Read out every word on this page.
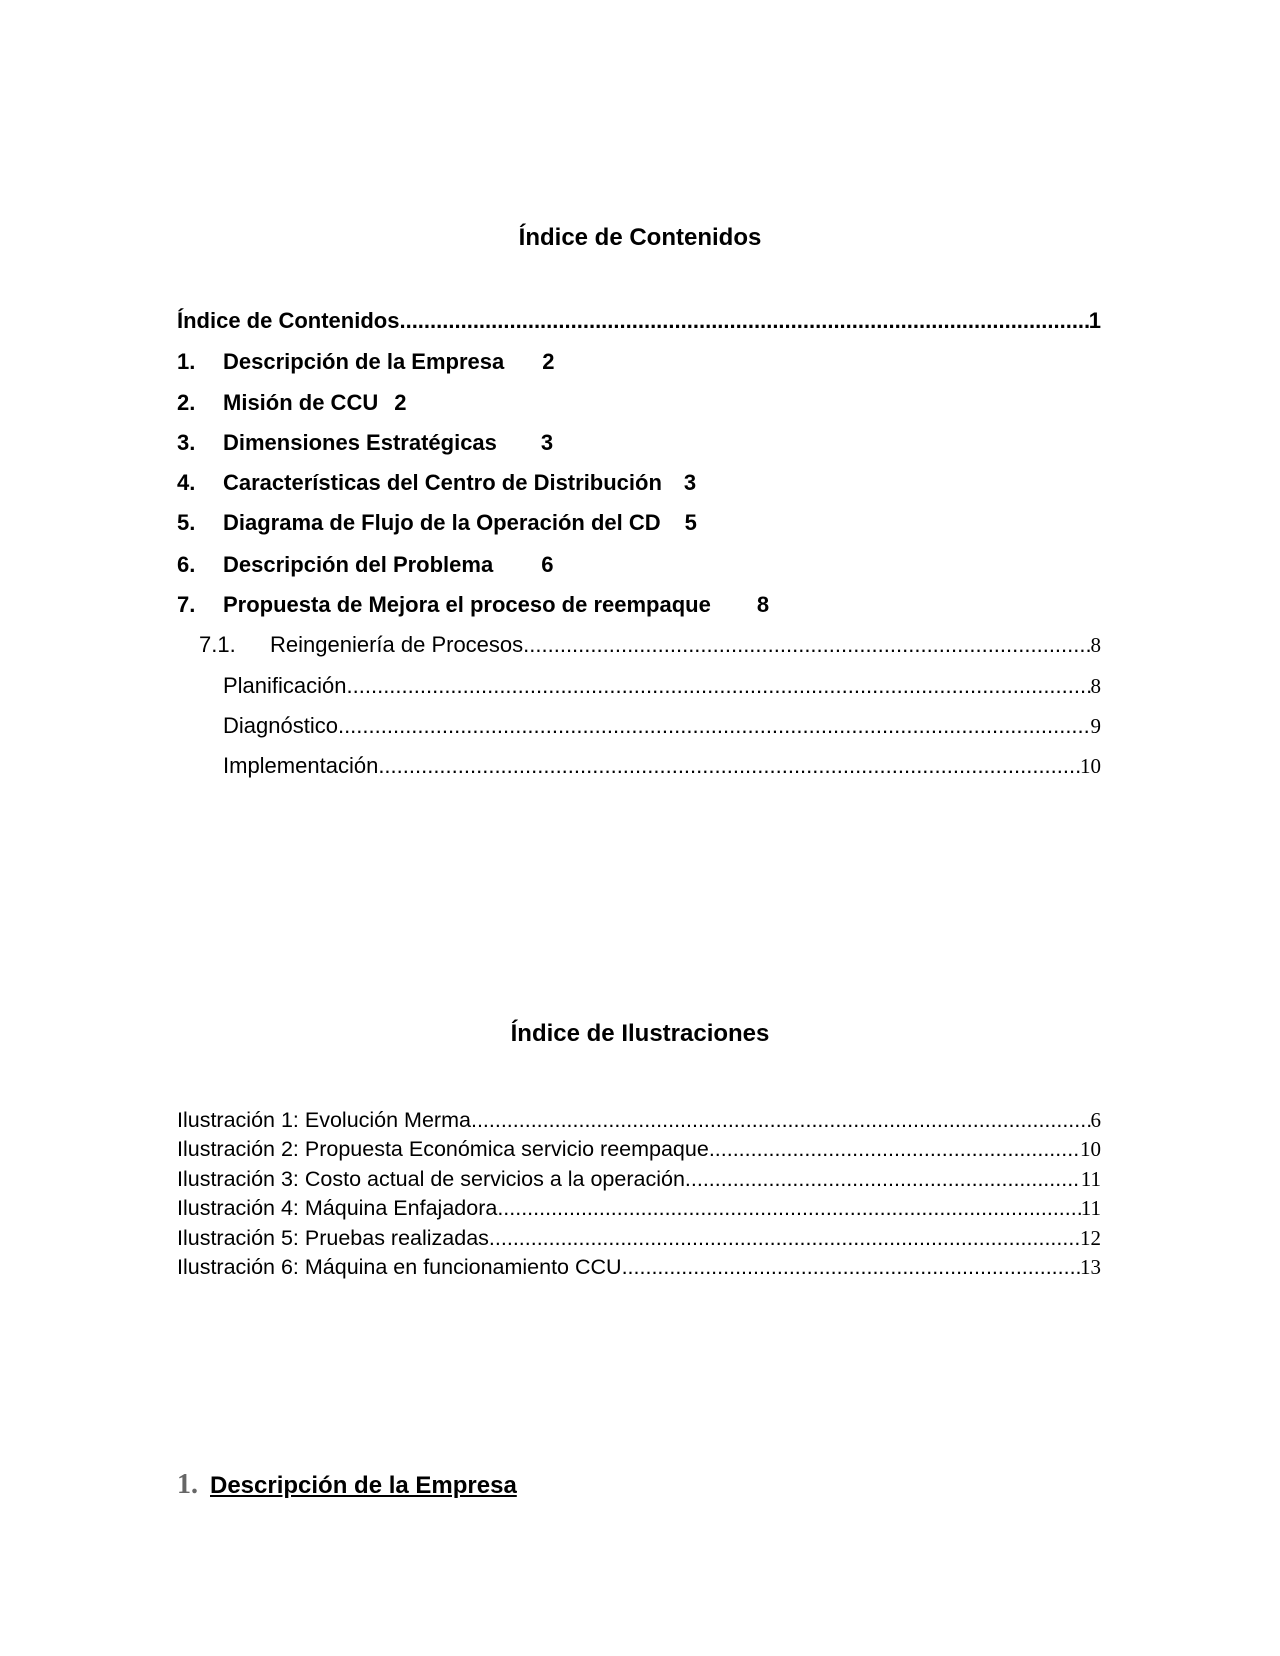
Índice de Contenidos
Índice de Contenidos .....	1
1. Descripción de la Empresa 2
2. Misión de CCU 2
3. Dimensiones Estratégicas 3
4. Características del Centro de Distribución 3
5. Diagrama de Flujo de la Operación del CD 5
6. Descripción del Problema 6
7. Propuesta de Mejora el proceso de reempaque 8
7.1. Reingeniería de Procesos .....	8
Planificación .....	8
Diagnóstico .....	9
Implementación .....	10
Índice de Ilustraciones
Ilustración 1: Evolución Merma .....	6
Ilustración 2: Propuesta Económica servicio reempaque .....	10
Ilustración 3: Costo actual de servicios a la operación .....	11
Ilustración 4: Máquina Enfajadora .....	11
Ilustración 5: Pruebas realizadas .....	12
Ilustración 6: Máquina en funcionamiento CCU .....	13
1. Descripción de la Empresa
